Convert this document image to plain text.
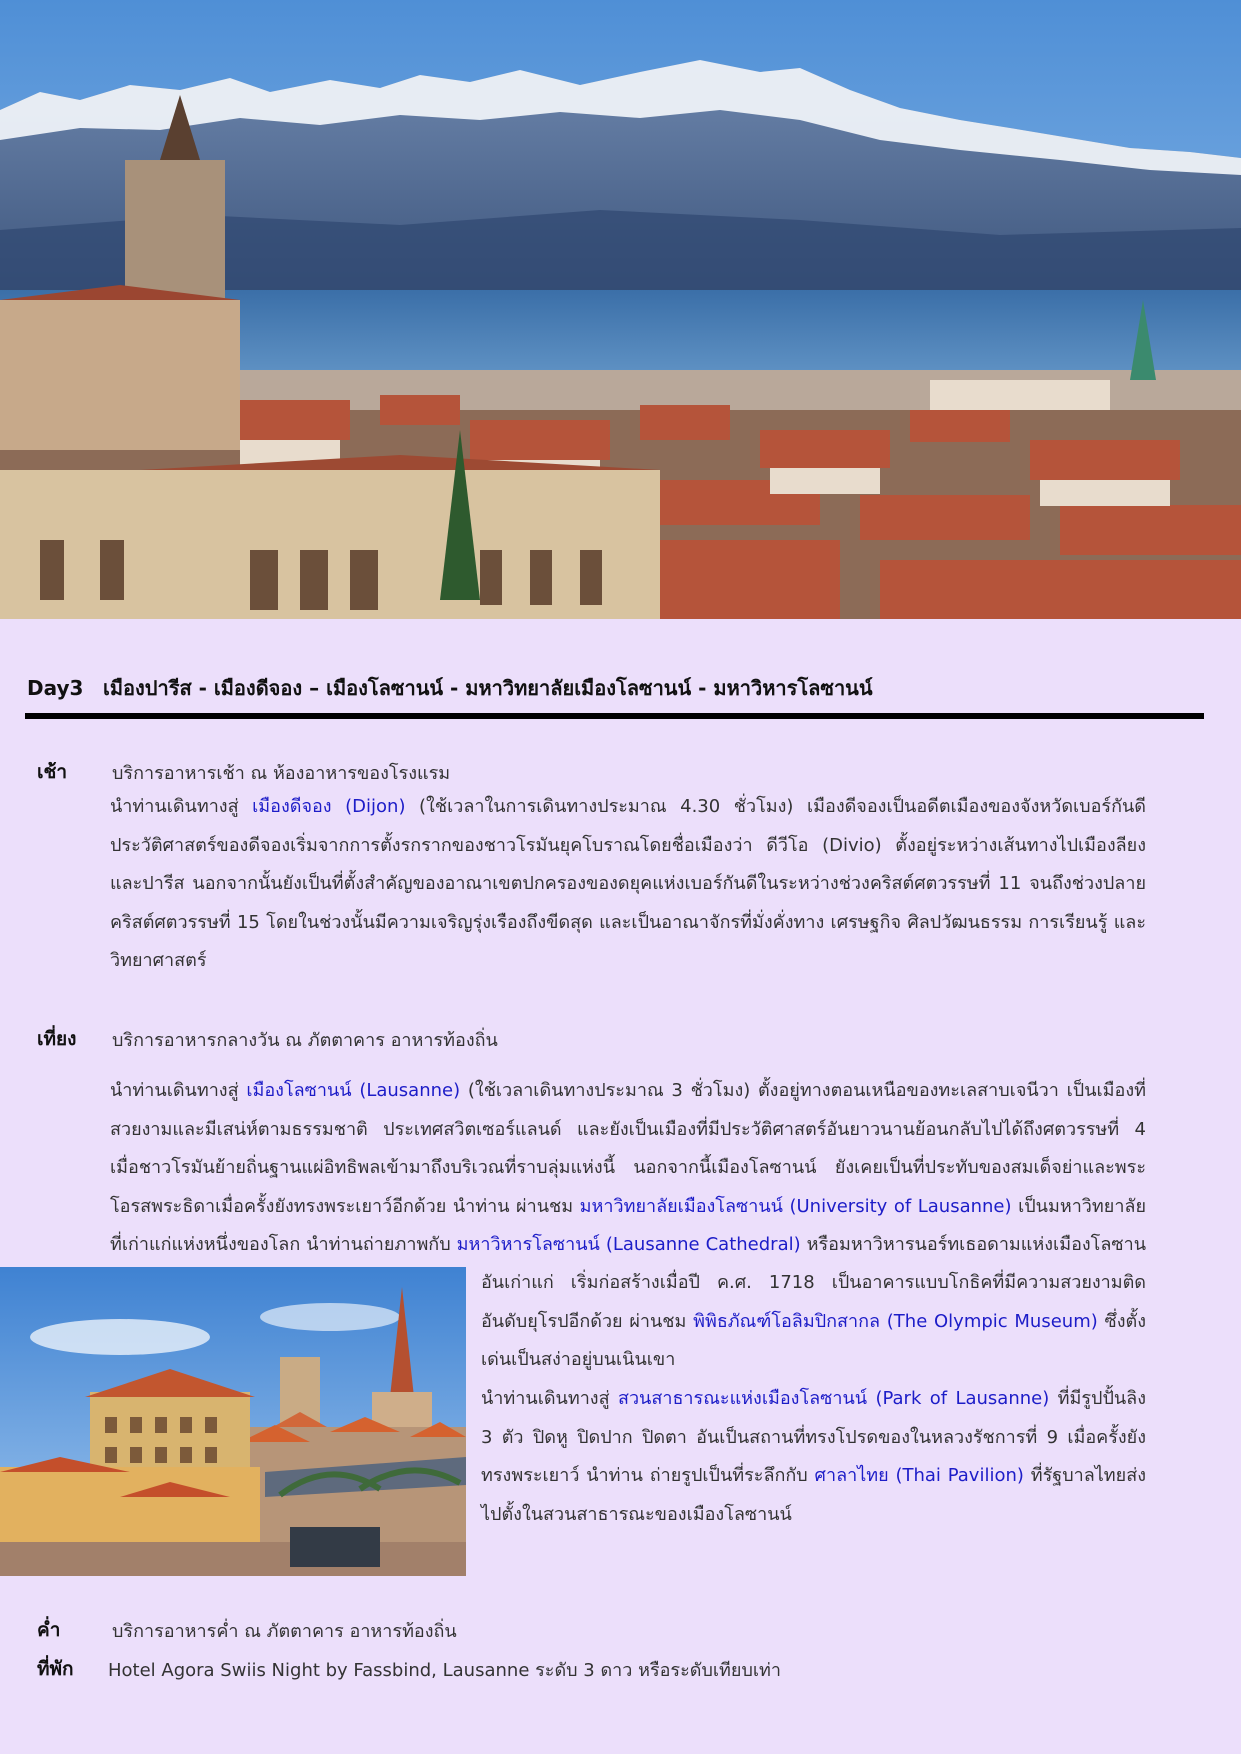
Day3 เมืองปารีส - เมืองดีจอง – เมืองโลซานน์ - มหาวิทยาลัยเมืองโลซานน์ - มหาวิหารโลซานน์
เช้า บริการอาหารเช้า ณ ห้องอาหารของโรงแรม
นำท่านเดินทางสู่ เมืองดีจอง (Dijon) (ใช้เวลาในการเดินทางประมาณ 4.30 ชั่วโมง) เมืองดีจองเป็นอดีตเมืองของจังหวัดเบอร์กันดี ประวัติศาสตร์ของดีจองเริ่มจากการตั้งรกรากของชาวโรมันยุคโบราณโดยชื่อเมืองว่า ดีวีโอ (Divio) ตั้งอยู่ระหว่างเส้นทางไปเมืองลียง และปารีส นอกจากนั้นยังเป็นที่ตั้งสำคัญของอาณาเขตปกครองของดยุคแห่งเบอร์กันดีในระหว่างช่วงคริสต์ศตวรรษที่ 11 จนถึงช่วงปลายคริสต์ศตวรรษที่ 15 โดยในช่วงนั้นมีความเจริญรุ่งเรืองถึงขีดสุด และเป็นอาณาจักรที่มั่งคั่งทาง เศรษฐกิจ ศิลปวัฒนธรรม การเรียนรู้ และวิทยาศาสตร์
เที่ยง บริการอาหารกลางวัน ณ ภัตตาคาร อาหารท้องถิ่น
นำท่านเดินทางสู่ เมืองโลซานน์ (Lausanne) (ใช้เวลาเดินทางประมาณ 3 ชั่วโมง) ตั้งอยู่ทางตอนเหนือของทะเลสาบเจนีวา เป็นเมืองที่สวยงามและมีเสน่ห์ตามธรรมชาติ ประเทศสวิตเซอร์แลนด์ และยังเป็นเมืองที่มีประวัติศาสตร์อันยาวนานย้อนกลับไปได้ถึงศตวรรษที่ 4 เมื่อชาวโรมันย้ายถิ่นฐานแผ่อิทธิพลเข้ามาถึงบริเวณที่ราบลุ่มแห่งนี้ นอกจากนี้เมืองโลซานน์ ยังเคยเป็นที่ประทับของสมเด็จย่าและพระโอรสพระธิดาเมื่อครั้งยังทรงพระเยาว์อีกด้วย นำท่าน ผ่านชม มหาวิทยาลัยเมืองโลซานน์ (University of Lausanne) เป็นมหาวิทยาลัยที่เก่าแก่แห่งหนึ่งของโลก นำท่านถ่ายภาพกับ มหาวิหารโลซานน์ (Lausanne Cathedral) หรือมหาวิหารนอร์ทเธอดามแห่งเมืองโลซาน
อันเก่าแก่ เริ่มก่อสร้างเมื่อปี ค.ศ. 1718 เป็นอาคารแบบโกธิคที่มีความสวยงามติดอันดับยุโรปอีกด้วย ผ่านชม พิพิธภัณฑ์โอลิมปิกสากล (The Olympic Museum) ซึ่งตั้งเด่นเป็นสง่าอยู่บนเนินเขา
นำท่านเดินทางสู่ สวนสาธารณะแห่งเมืองโลซานน์ (Park of Lausanne) ที่มีรูปปั้นลิง 3 ตัว ปิดหู ปิดปาก ปิดตา อันเป็นสถานที่ทรงโปรดของในหลวงรัชการที่ 9 เมื่อครั้งยังทรงพระเยาว์ นำท่าน ถ่ายรูปเป็นที่ระลึกกับ ศาลาไทย (Thai Pavilion) ที่รัฐบาลไทยส่งไปตั้งในสวนสาธารณะของเมืองโลซานน์
ค่ำ	บริการอาหารค่ำ ณ ภัตตาคาร อาหารท้องถิ่น
ที่พัก Hotel Agora Swiis Night by Fassbind, Lausanne ระดับ 3 ดาว หรือระดับเทียบเท่า
